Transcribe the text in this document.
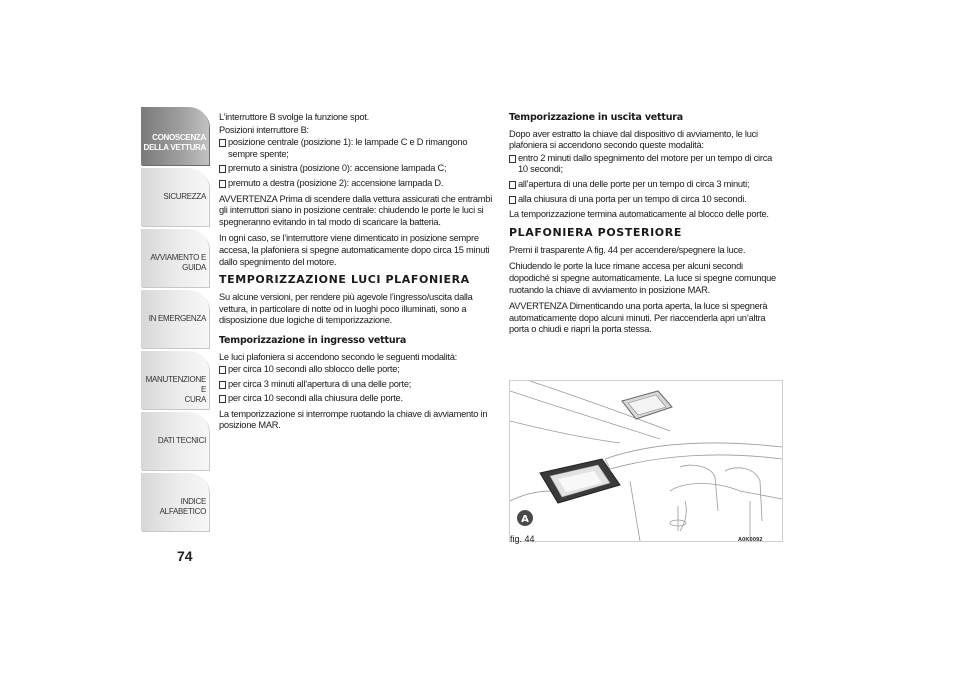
CONOSCENZA
DELLA VETTURA
SICUREZZA
AVVIAMENTO E
GUIDA
IN EMERGENZA
MANUTENZIONE E
CURA
DATI TECNICI
INDICE ALFABETICO
74

L’interruttore B svolge la funzione spot.

Posizioni interruttore B:

posizione centrale (posizione 1): le lampade C e D rimangono sempre spente;
premuto a sinistra (posizione 0): accensione lampada C;
premuto a destra (posizione 2): accensione lampada D.

AVVERTENZA Prima di scendere dalla vettura assicurati che entrambi gli interruttori siano in posizione centrale: chiudendo le porte le luci si spegneranno evitando in tal modo di scaricare la batteria.

In ogni caso, se l’interruttore viene dimenticato in posizione sempre accesa, la plafoniera si spegne automaticamente dopo circa 15 minuti dallo spegnimento del motore.

TEMPORIZZAZIONE LUCI PLAFONIERA

Su alcune versioni, per rendere più agevole l’ingresso/uscita dalla vettura, in particolare di notte od in luoghi poco illuminati, sono a disposizione due logiche di temporizzazione.

Temporizzazione in ingresso vettura

Le luci plafoniera si accendono secondo le seguenti modalità:

per circa 10 secondi allo sblocco delle porte;
per circa 3 minuti all’apertura di una delle porte;
per circa 10 secondi alla chiusura delle porte.

La temporizzazione si interrompe ruotando la chiave di avviamento in posizione MAR.

Temporizzazione in uscita vettura

Dopo aver estratto la chiave dal dispositivo di avviamento, le luci plafoniera si accendono secondo queste modalità:

entro 2 minuti dallo spegnimento del motore per un tempo di circa 10 secondi;
all’apertura di una delle porte per un tempo di circa 3 minuti;
alla chiusura di una porta per un tempo di circa 10 secondi.

La temporizzazione termina automaticamente al blocco delle porte.

PLAFONIERA POSTERIORE

Premi il trasparente A fig. 44 per accendere/spegnere la luce.

Chiudendo le porte la luce rimane accesa per alcuni secondi dopodiché si spegne automaticamente. La luce si spegne comunque ruotando la chiave di avviamento in posizione MAR.

AVVERTENZA Dimenticando una porta aperta, la luce si spegnerà automaticamente dopo alcuni minuti. Per riaccenderla apri un’altra porta o chiudi e riapri la porta stessa.

A
fig. 44	A0K0092
